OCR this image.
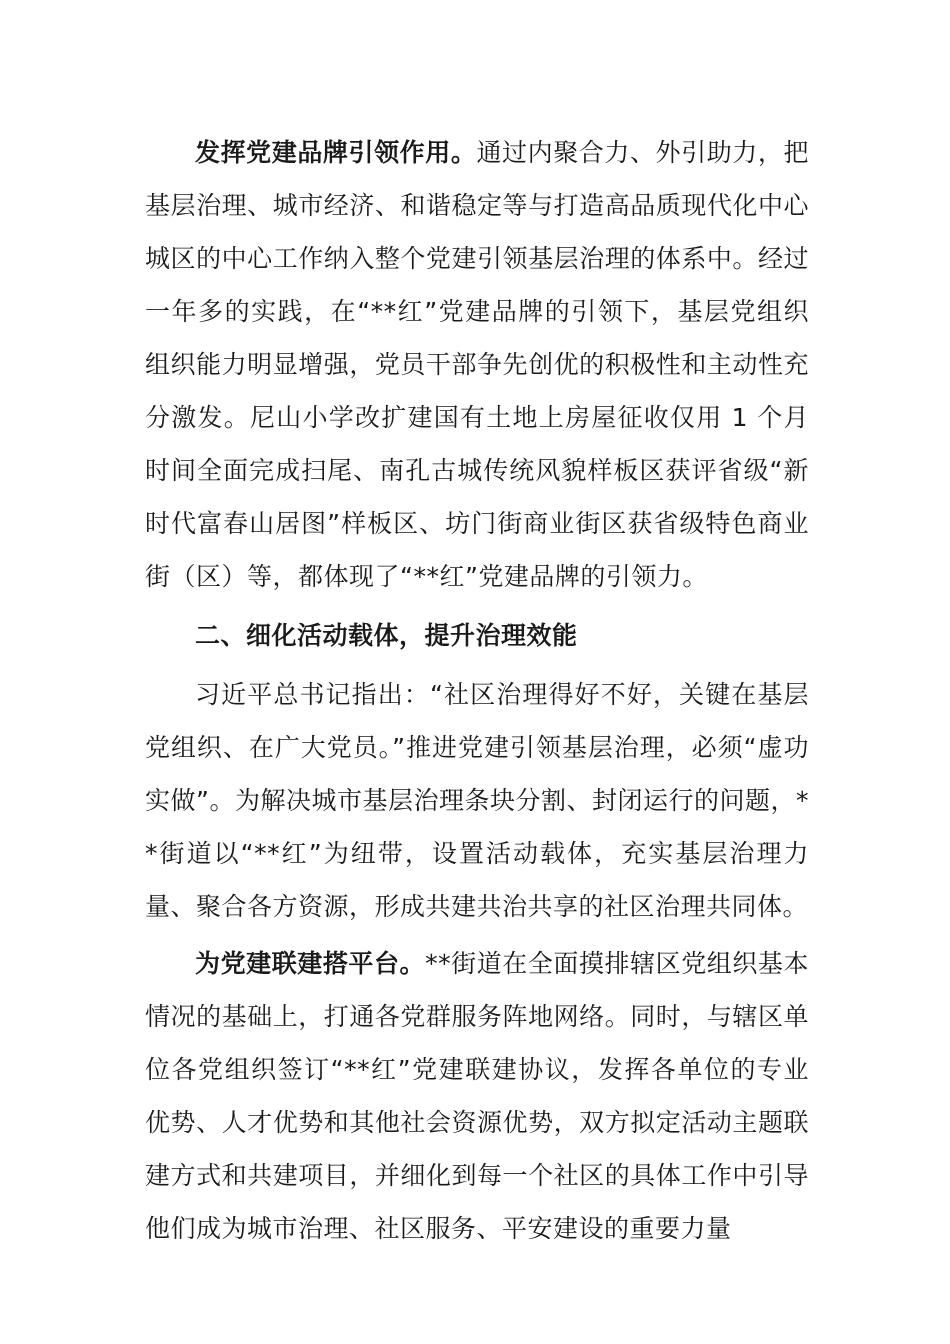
发挥党建品牌引领作用。通过内聚合力、外引助力，把基层治理、城市经济、和谐稳定等与打造高品质现代化中心城区的中心工作纳入整个党建引领基层治理的体系中。经过一年多的实践，在“**红”党建品牌的引领下，基层党组织组织能力明显增强，党员干部争先创优的积极性和主动性充分激发。尼山小学改扩建国有土地上房屋征收仅用 1 个月时间全面完成扫尾、南孔古城传统风貌样板区获评省级“新时代富春山居图”样板区、坊门街商业街区获省级特色商业街（区）等，都体现了“**红”党建品牌的引领力。

二、细化活动载体，提升治理效能

习近平总书记指出：“社区治理得好不好，关键在基层党组织、在广大党员。”推进党建引领基层治理，必须“虚功实做”。为解决城市基层治理条块分割、封闭运行的问题，**街道以“**红”为纽带，设置活动载体，充实基层治理力量、聚合各方资源，形成共建共治共享的社区治理共同体。

为党建联建搭平台。**街道在全面摸排辖区党组织基本情况的基础上，打通各党群服务阵地网络。同时，与辖区单位各党组织签订“**红”党建联建协议，发挥各单位的专业优势、人才优势和其他社会资源优势，双方拟定活动主题联建方式和共建项目，并细化到每一个社区的具体工作中引导他们成为城市治理、社区服务、平安建设的重要力量
